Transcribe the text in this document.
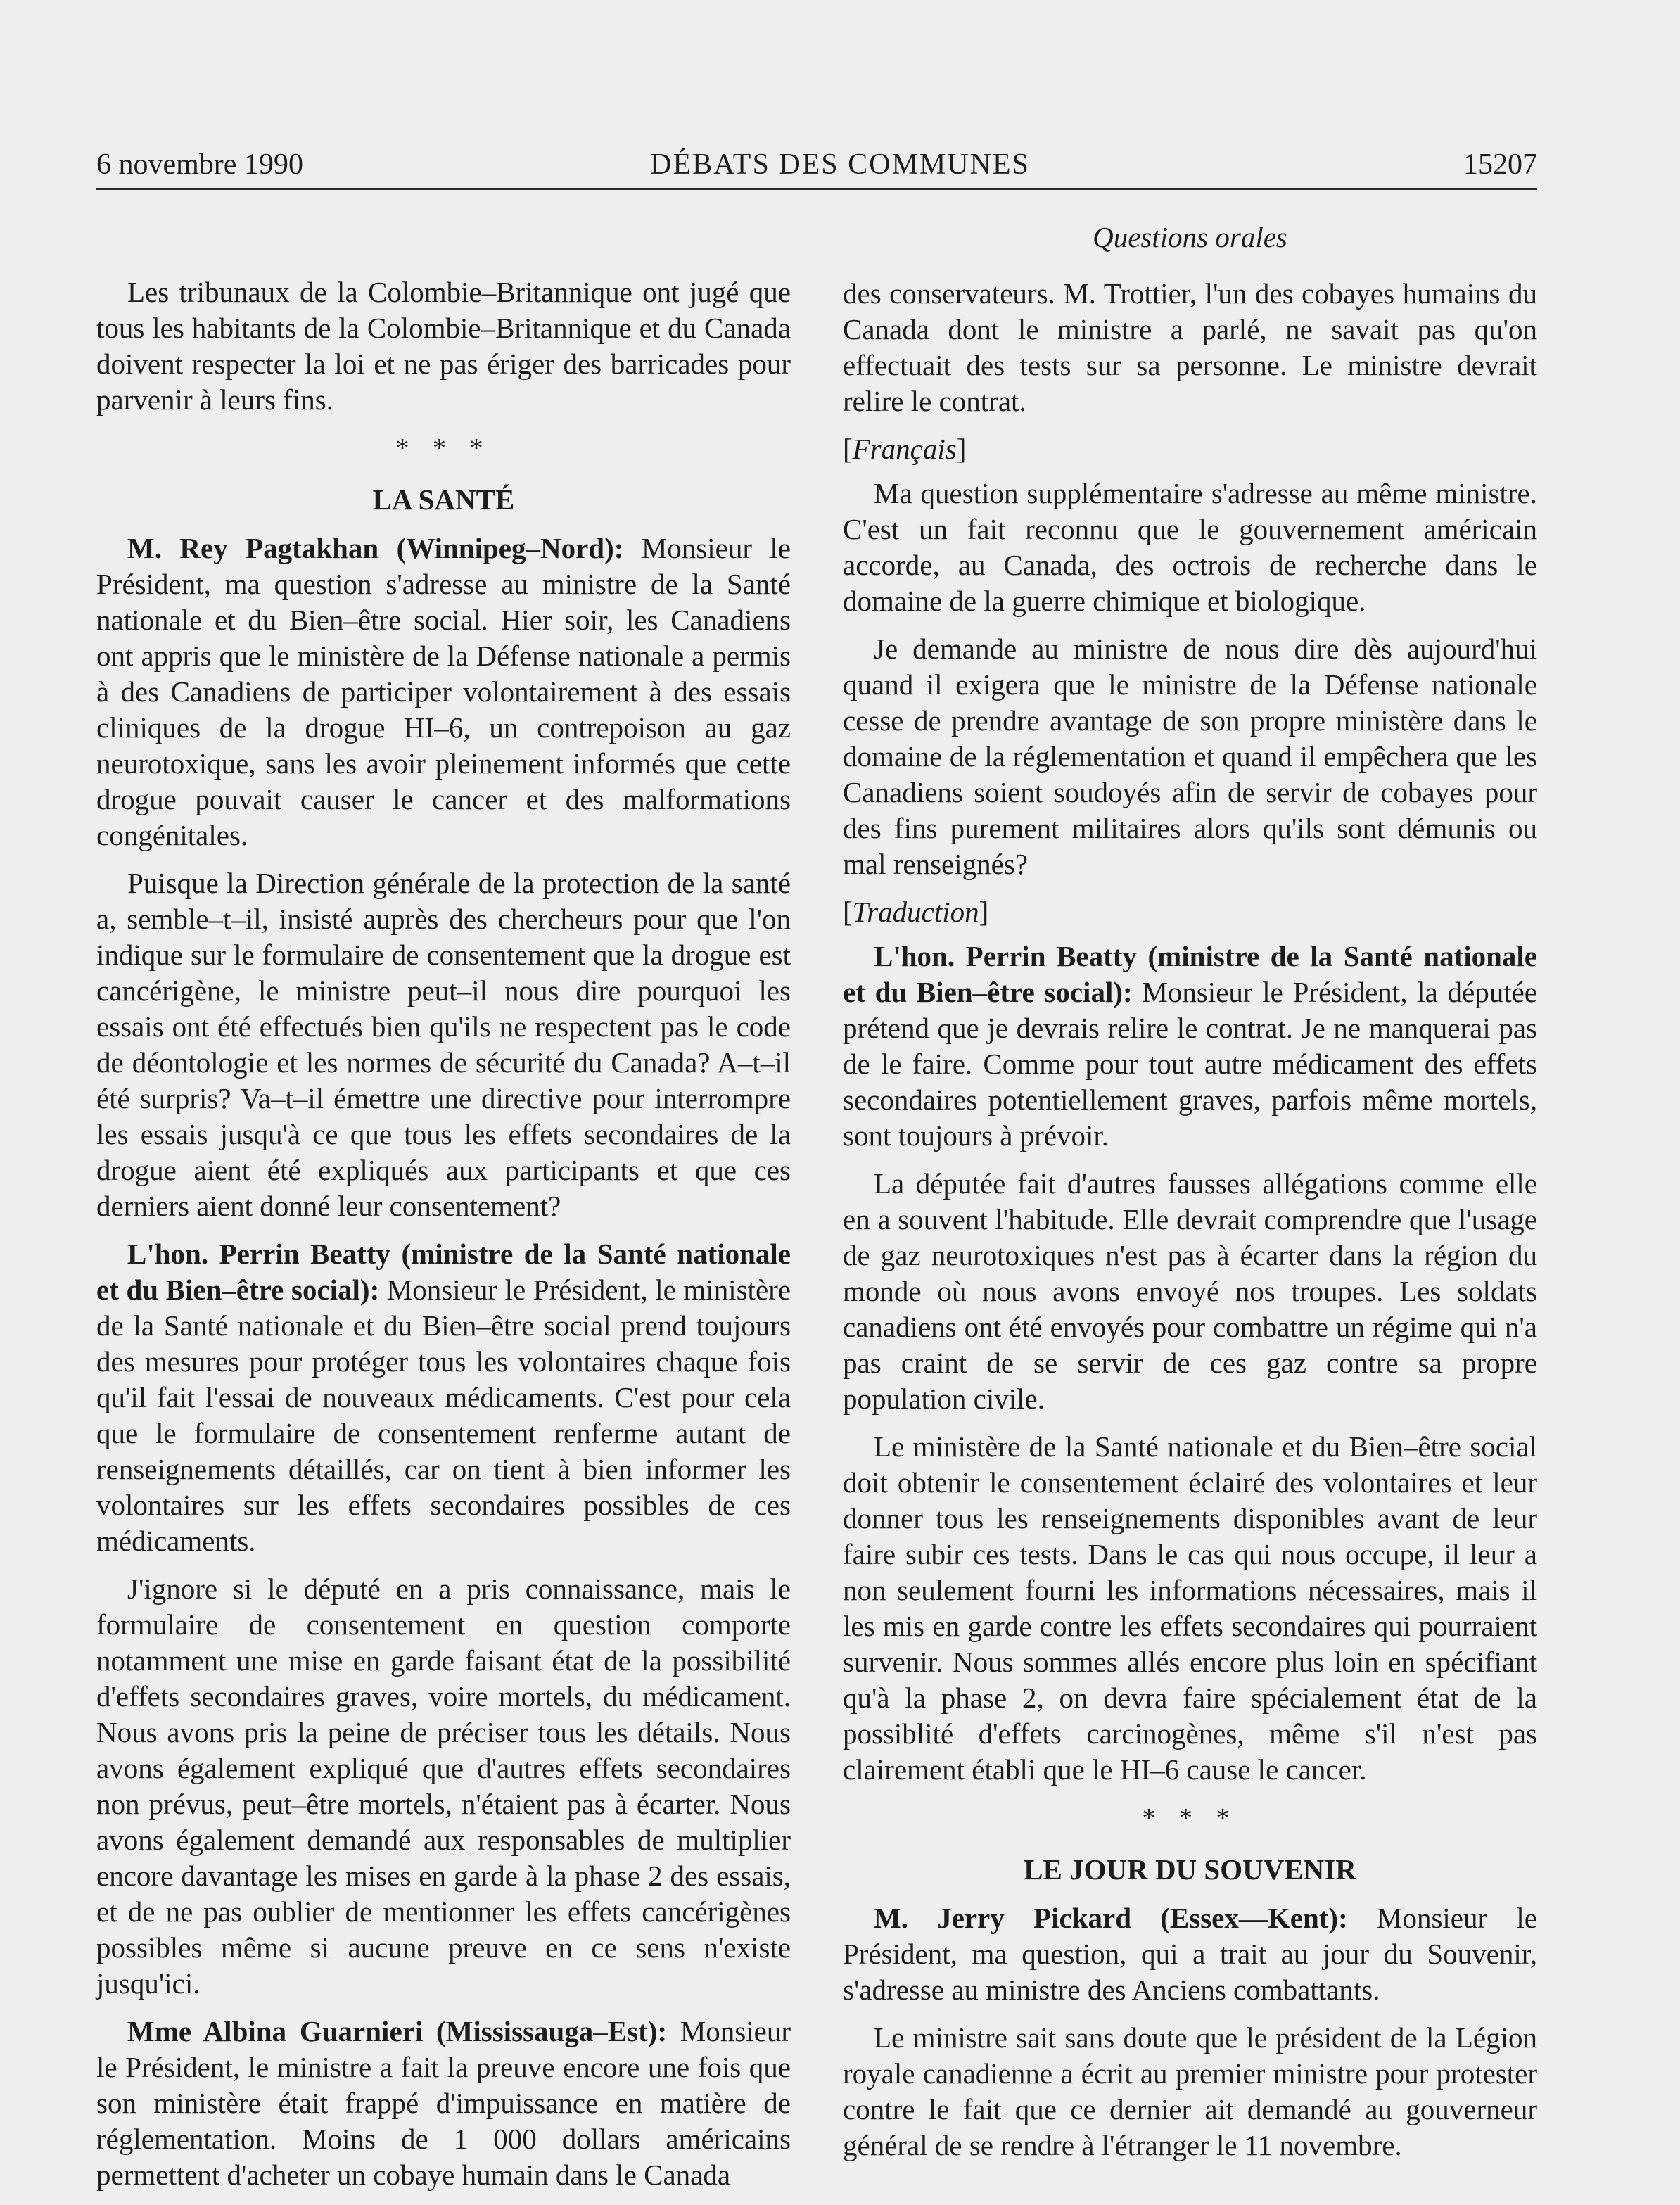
6 novembre 1990	DÉBATS DES COMMUNES	15207
Questions orales

Les tribunaux de la Colombie–Britannique ont jugé que tous les habitants de la Colombie–Britannique et du Canada doivent respecter la loi et ne pas ériger des barricades pour parvenir à leurs fins.

* * *
LA SANTÉ

M. Rey Pagtakhan (Winnipeg–Nord): Monsieur le Président, ma question s'adresse au ministre de la Santé nationale et du Bien–être social. Hier soir, les Canadiens ont appris que le ministère de la Défense nationale a permis à des Canadiens de participer volontairement à des essais cliniques de la drogue HI–6, un contrepoison au gaz neurotoxique, sans les avoir pleinement informés que cette drogue pouvait causer le cancer et des malformations congénitales.

Puisque la Direction générale de la protection de la santé a, semble–t–il, insisté auprès des chercheurs pour que l'on indique sur le formulaire de consentement que la drogue est cancérigène, le ministre peut–il nous dire pourquoi les essais ont été effectués bien qu'ils ne respectent pas le code de déontologie et les normes de sécurité du Canada? A–t–il été surpris? Va–t–il émettre une directive pour interrompre les essais jusqu'à ce que tous les effets secondaires de la drogue aient été expliqués aux participants et que ces derniers aient donné leur consentement?

L'hon. Perrin Beatty (ministre de la Santé nationale et du Bien–être social): Monsieur le Président, le ministère de la Santé nationale et du Bien–être social prend toujours des mesures pour protéger tous les volontaires chaque fois qu'il fait l'essai de nouveaux médicaments. C'est pour cela que le formulaire de consentement renferme autant de renseignements détaillés, car on tient à bien informer les volontaires sur les effets secondaires possibles de ces médicaments.

J'ignore si le député en a pris connaissance, mais le formulaire de consentement en question comporte notamment une mise en garde faisant état de la possibilité d'effets secondaires graves, voire mortels, du médicament. Nous avons pris la peine de préciser tous les détails. Nous avons également expliqué que d'autres effets secondaires non prévus, peut–être mortels, n'étaient pas à écarter. Nous avons également demandé aux responsables de multiplier encore davantage les mises en garde à la phase 2 des essais, et de ne pas oublier de mentionner les effets cancérigènes possibles même si aucune preuve en ce sens n'existe jusqu'ici.

Mme Albina Guarnieri (Mississauga–Est): Monsieur le Président, le ministre a fait la preuve encore une fois que son ministère était frappé d'impuissance en matière de réglementation. Moins de 1 000 dollars américains permettent d'acheter un cobaye humain dans le Canada

des conservateurs. M. Trottier, l'un des cobayes humains du Canada dont le ministre a parlé, ne savait pas qu'on effectuait des tests sur sa personne. Le ministre devrait relire le contrat.

[Français]

Ma question supplémentaire s'adresse au même ministre. C'est un fait reconnu que le gouvernement américain accorde, au Canada, des octrois de recherche dans le domaine de la guerre chimique et biologique.

Je demande au ministre de nous dire dès aujourd'hui quand il exigera que le ministre de la Défense nationale cesse de prendre avantage de son propre ministère dans le domaine de la réglementation et quand il empêchera que les Canadiens soient soudoyés afin de servir de cobayes pour des fins purement militaires alors qu'ils sont démunis ou mal renseignés?

[Traduction]

L'hon. Perrin Beatty (ministre de la Santé nationale et du Bien–être social): Monsieur le Président, la députée prétend que je devrais relire le contrat. Je ne manquerai pas de le faire. Comme pour tout autre médicament des effets secondaires potentiellement graves, parfois même mortels, sont toujours à prévoir.

La députée fait d'autres fausses allégations comme elle en a souvent l'habitude. Elle devrait comprendre que l'usage de gaz neurotoxiques n'est pas à écarter dans la région du monde où nous avons envoyé nos troupes. Les soldats canadiens ont été envoyés pour combattre un régime qui n'a pas craint de se servir de ces gaz contre sa propre population civile.

Le ministère de la Santé nationale et du Bien–être social doit obtenir le consentement éclairé des volontaires et leur donner tous les renseignements disponibles avant de leur faire subir ces tests. Dans le cas qui nous occupe, il leur a non seulement fourni les informations nécessaires, mais il les mis en garde contre les effets secondaires qui pourraient survenir. Nous sommes allés encore plus loin en spécifiant qu'à la phase 2, on devra faire spécialement état de la possiblité d'effets carcinogènes, même s'il n'est pas clairement établi que le HI–6 cause le cancer.

* * *
LE JOUR DU SOUVENIR

M. Jerry Pickard (Essex—Kent): Monsieur le Président, ma question, qui a trait au jour du Souvenir, s'adresse au ministre des Anciens combattants.

Le ministre sait sans doute que le président de la Légion royale canadienne a écrit au premier ministre pour protester contre le fait que ce dernier ait demandé au gouverneur général de se rendre à l'étranger le 11 novembre.
